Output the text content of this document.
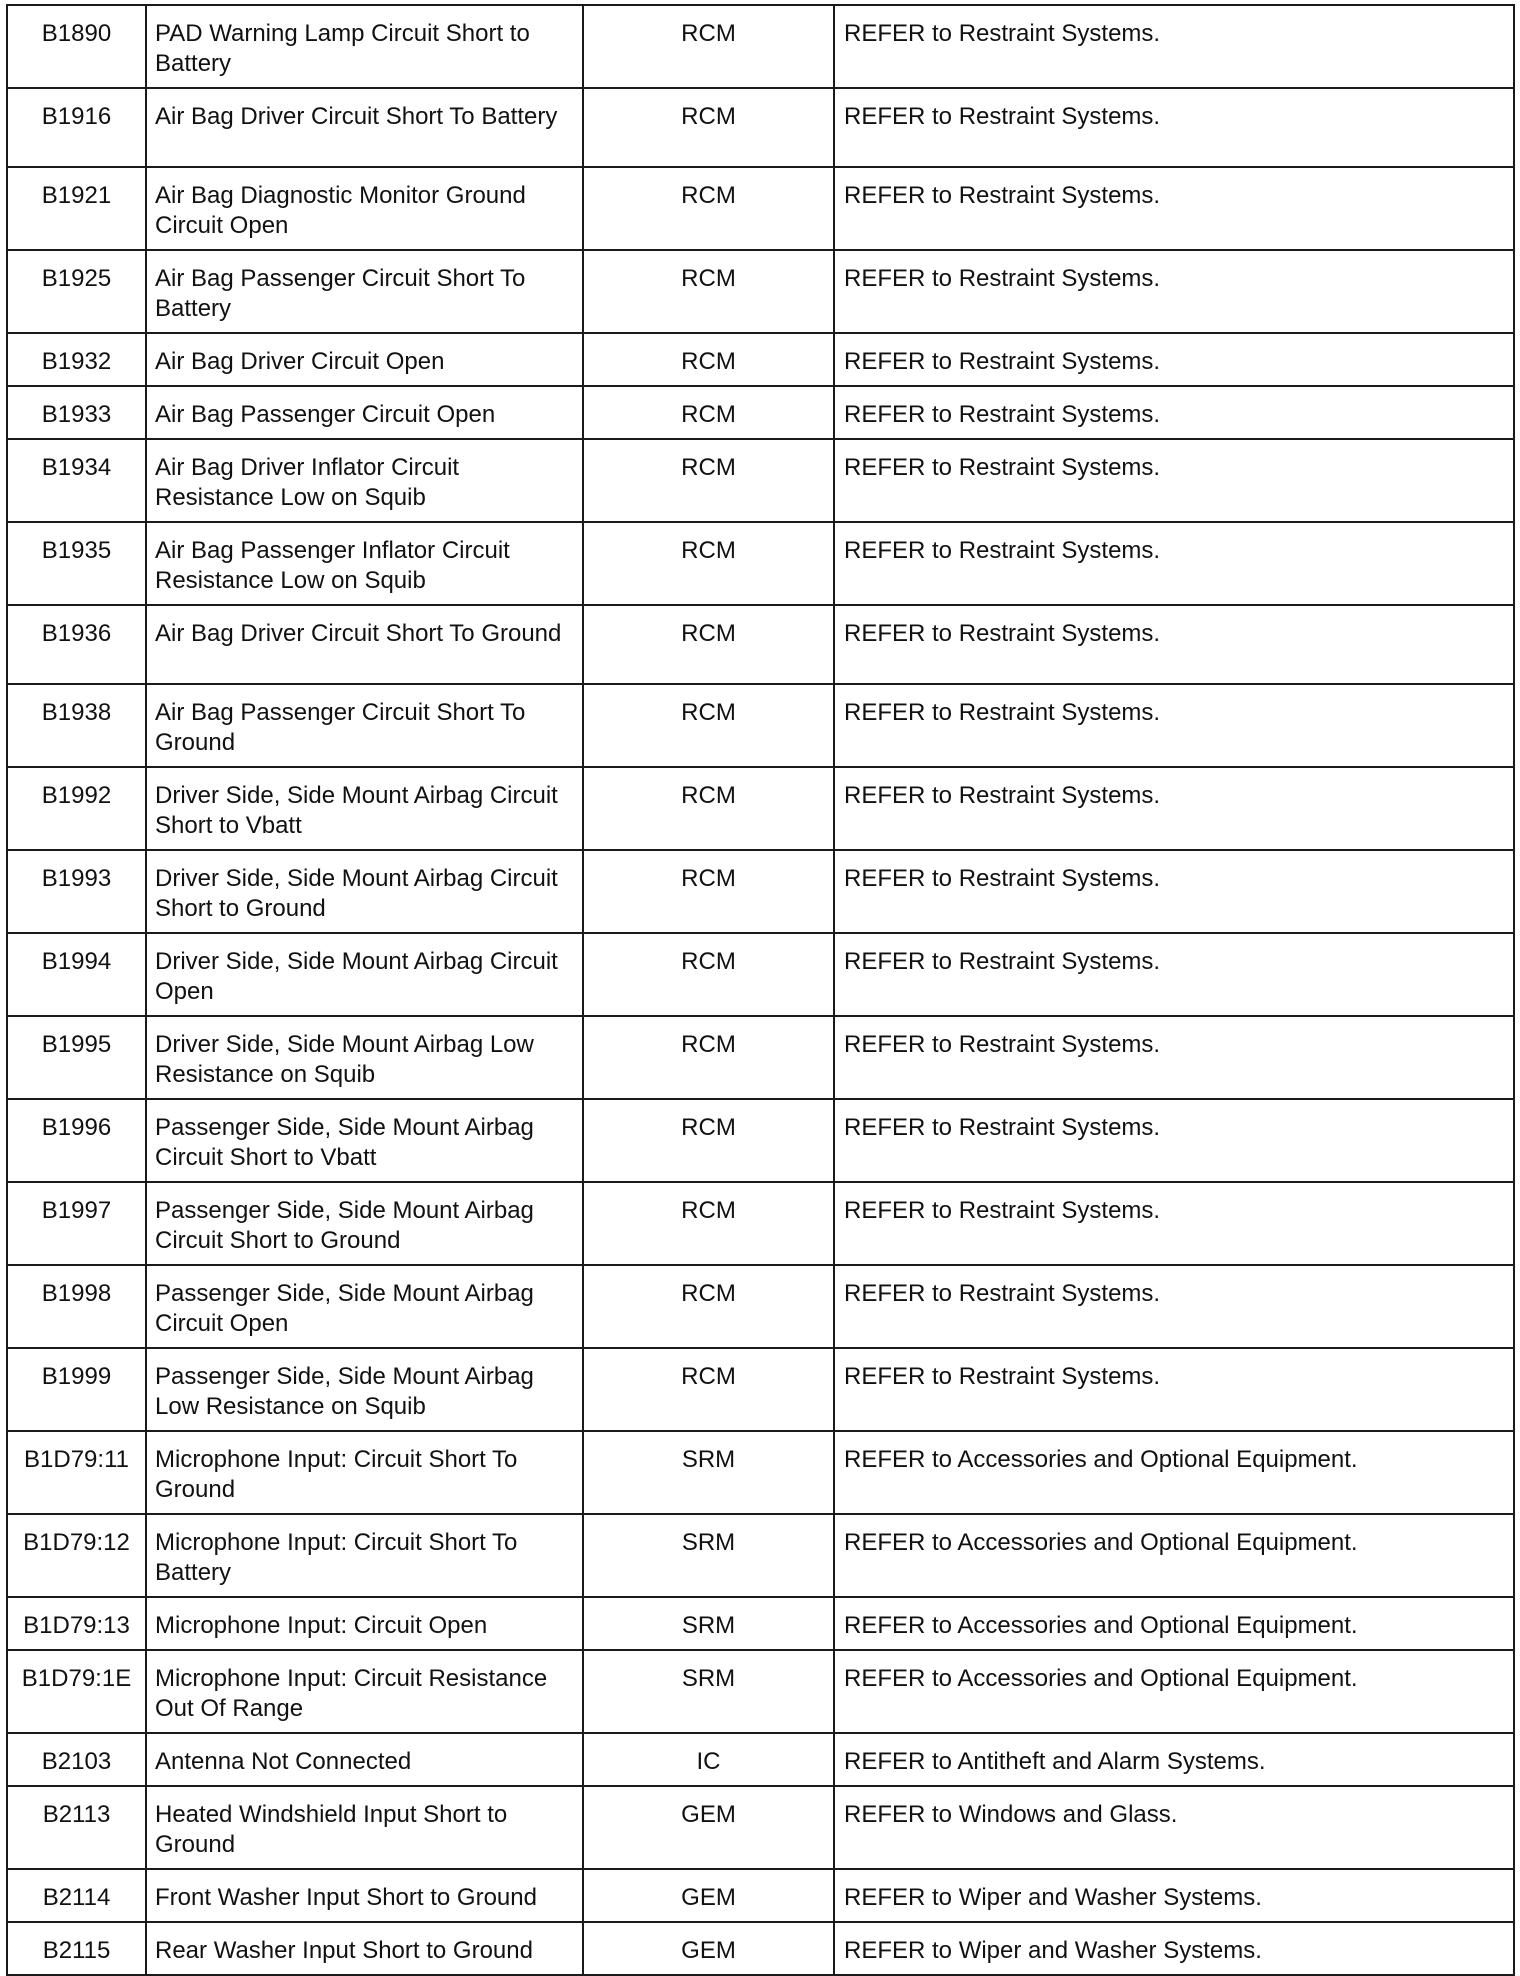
B1890	PAD Warning Lamp Circuit Short to Battery	RCM	REFER to Restraint Systems.
B1916	Air Bag Driver Circuit Short To Battery	RCM	REFER to Restraint Systems.
B1921	Air Bag Diagnostic Monitor Ground Circuit Open	RCM	REFER to Restraint Systems.
B1925	Air Bag Passenger Circuit Short To Battery	RCM	REFER to Restraint Systems.
B1932	Air Bag Driver Circuit Open	RCM	REFER to Restraint Systems.
B1933	Air Bag Passenger Circuit Open	RCM	REFER to Restraint Systems.
B1934	Air Bag Driver Inflator Circuit Resistance Low on Squib	RCM	REFER to Restraint Systems.
B1935	Air Bag Passenger Inflator Circuit Resistance Low on Squib	RCM	REFER to Restraint Systems.
B1936	Air Bag Driver Circuit Short To Ground	RCM	REFER to Restraint Systems.
B1938	Air Bag Passenger Circuit Short To Ground	RCM	REFER to Restraint Systems.
B1992	Driver Side, Side Mount Airbag Circuit Short to Vbatt	RCM	REFER to Restraint Systems.
B1993	Driver Side, Side Mount Airbag Circuit Short to Ground	RCM	REFER to Restraint Systems.
B1994	Driver Side, Side Mount Airbag Circuit Open	RCM	REFER to Restraint Systems.
B1995	Driver Side, Side Mount Airbag Low Resistance on Squib	RCM	REFER to Restraint Systems.
B1996	Passenger Side, Side Mount Airbag Circuit Short to Vbatt	RCM	REFER to Restraint Systems.
B1997	Passenger Side, Side Mount Airbag Circuit Short to Ground	RCM	REFER to Restraint Systems.
B1998	Passenger Side, Side Mount Airbag Circuit Open	RCM	REFER to Restraint Systems.
B1999	Passenger Side, Side Mount Airbag Low Resistance on Squib	RCM	REFER to Restraint Systems.
B1D79:11	Microphone Input: Circuit Short To Ground	SRM	REFER to Accessories and Optional Equipment.
B1D79:12	Microphone Input: Circuit Short To Battery	SRM	REFER to Accessories and Optional Equipment.
B1D79:13	Microphone Input: Circuit Open	SRM	REFER to Accessories and Optional Equipment.
B1D79:1E	Microphone Input: Circuit Resistance Out Of Range	SRM	REFER to Accessories and Optional Equipment.
B2103	Antenna Not Connected	IC	REFER to Antitheft and Alarm Systems.
B2113	Heated Windshield Input Short to Ground	GEM	REFER to Windows and Glass.
B2114	Front Washer Input Short to Ground	GEM	REFER to Wiper and Washer Systems.
B2115	Rear Washer Input Short to Ground	GEM	REFER to Wiper and Washer Systems.
